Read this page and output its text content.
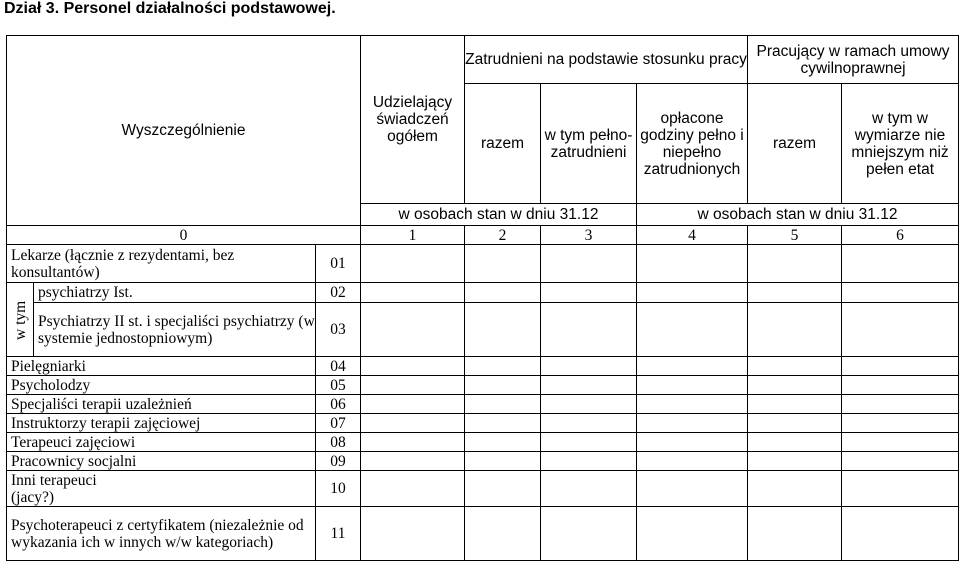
Dział 3. Personel działalności podstawowej.
Wyszczególnienie			Udzielający świadczeń ogółem	Zatrudnieni na podstawie stosunku pracy			Pracujący w ramach umowy cywilnoprawnej	
				razem	w tym pełno- zatrudnieni	opłacone godziny pełno i niepełno zatrudnionych	razem	w tym w wymiarze nie mniejszym niż pełen etat
			w osobach stan w dniu 31.12			w osobach stan w dniu 31.12		
0			1	2	3	4	5	6
Lekarze (łącznie z rezydentami, bez konsultantów)		01						
w tym	psychiatrzy Ist.	02						
	Psychiatrzy II st. i specjaliści psychiatrzy (w systemie jednostopniowym)	03						
Pielęgniarki		04						
Psycholodzy		05						
Specjaliści terapii uzależnień		06						
Instruktorzy terapii zajęciowej		07						
Terapeuci zajęciowi		08						
Pracownicy socjalni		09						

Inni terapeuci (jacy?)		10						
Psychoterapeuci z certyfikatem (niezależnie od wykazania ich w innych w/w kategoriach)		11						
